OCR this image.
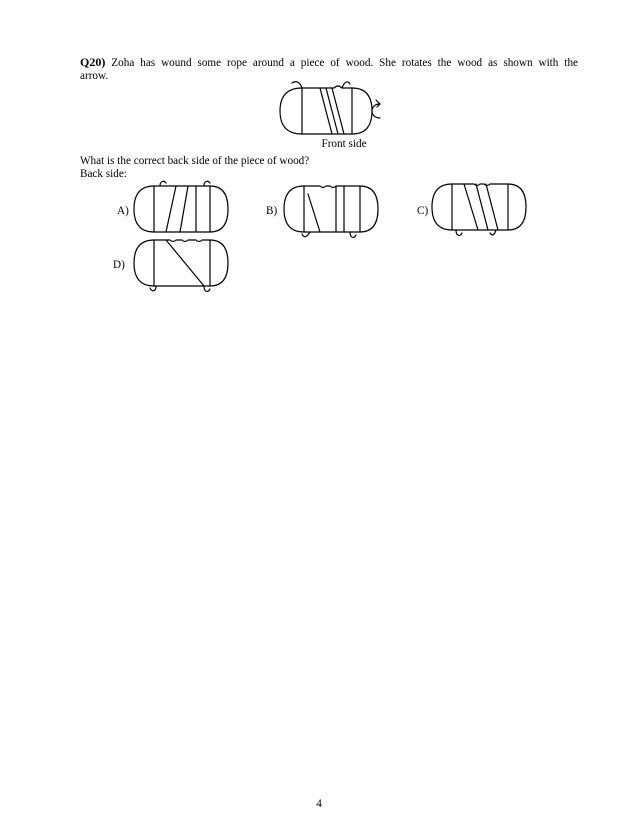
Q20) Zoha has wound some rope around a piece of wood. She rotates the wood as shown with the
arrow.
Front side
What is the correct back side of the piece of wood?
Back side:
A)	B)	C)
D)
4
